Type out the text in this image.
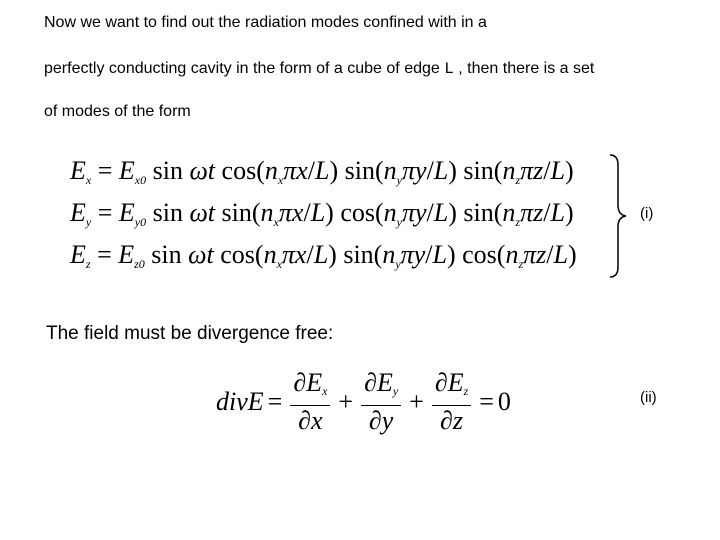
Now we want to find out the radiation modes confined with in a
perfectly conducting cavity in the form of a cube of edge L , then there is a set
of modes of the form
$E_x = E_{x0}$ sin ωt $\cos(n_x\pi x/L)$ $\sin(n_y\pi y/L)$ $\sin(n_z\pi z/L)$
$E_y = E_{y0}$ sin ωt $\sin(n_x\pi x/L)$ $\cos(n_y\pi y/L)$ $\sin(n_z\pi z/L)$
$E_z = E_{z0}$ sin ωt $\cos(n_x\pi x/L)$ $\sin(n_y\pi y/L)$ $\cos(n_z\pi z/L)$
(i)
The field must be divergence free:
divE = $\frac{\partial E_x}{\partial x} + \frac{\partial E_y}{\partial y} + \frac{\partial E_z}{\partial z} = 0$	(ii)
